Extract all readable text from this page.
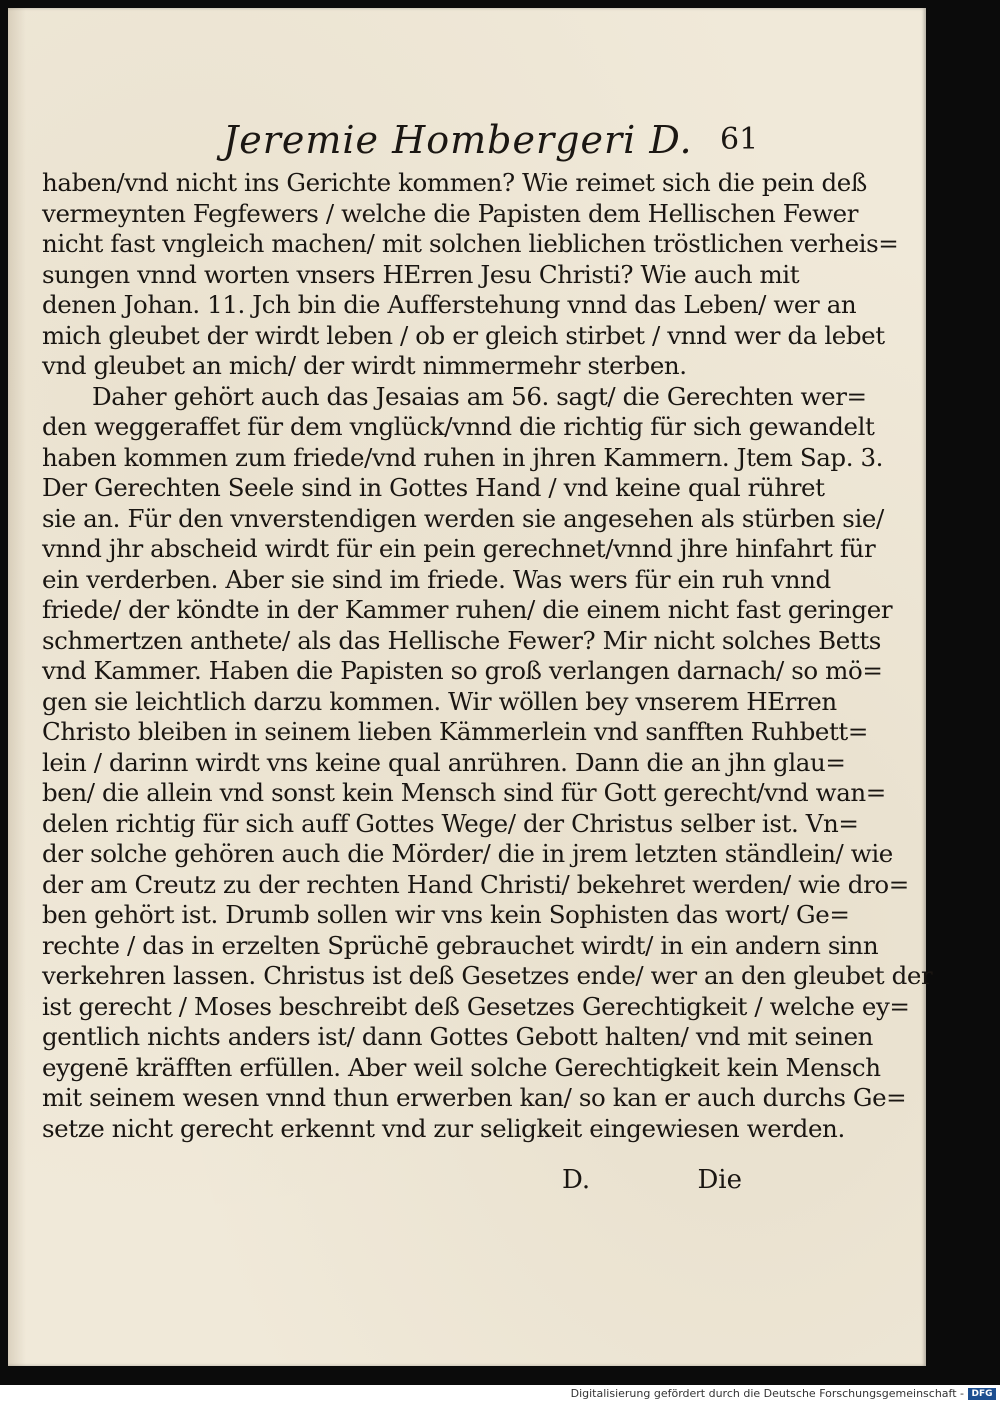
Jeremie Hombergeri D. 61
haben/vnd nicht ins Gerichte kommen? Wie reimet sich die pein deß
vermeynten Fegfewers / welche die Papisten dem Hellischen Fewer
nicht fast vngleich machen/ mit solchen lieblichen tröstlichen verheis=
sungen vnnd worten vnsers HErren Jesu Christi? Wie auch mit
denen Johan. 11. Jch bin die Aufferstehung vnnd das Leben/ wer an
mich gleubet der wirdt leben / ob er gleich stirbet / vnnd wer da lebet
vnd gleubet an mich/ der wirdt nimmermehr sterben.
Daher gehört auch das Jesaias am 56. sagt/ die Gerechten wer=
den weggeraffet für dem vnglück/vnnd die richtig für sich gewandelt
haben kommen zum friede/vnd ruhen in jhren Kammern. Jtem Sap. 3.
Der Gerechten Seele sind in Gottes Hand / vnd keine qual rühret
sie an. Für den vnverstendigen werden sie angesehen als stürben sie/
vnnd jhr abscheid wirdt für ein pein gerechnet/vnnd jhre hinfahrt für
ein verderben. Aber sie sind im friede. Was wers für ein ruh vnnd
friede/ der köndte in der Kammer ruhen/ die einem nicht fast geringer
schmertzen anthete/ als das Hellische Fewer? Mir nicht solches Betts
vnd Kammer. Haben die Papisten so groß verlangen darnach/ so mö=
gen sie leichtlich darzu kommen. Wir wöllen bey vnserem HErren
Christo bleiben in seinem lieben Kämmerlein vnd sanfften Ruhbett=
lein / darinn wirdt vns keine qual anrühren. Dann die an jhn glau=
ben/ die allein vnd sonst kein Mensch sind für Gott gerecht/vnd wan=
delen richtig für sich auff Gottes Wege/ der Christus selber ist. Vn=
der solche gehören auch die Mörder/ die in jrem letzten ständlein/ wie
der am Creutz zu der rechten Hand Christi/ bekehret werden/ wie dro=
ben gehört ist. Drumb sollen wir vns kein Sophisten das wort/ Ge=
rechte / das in erzelten Sprüchē gebrauchet wirdt/ in ein andern sinn
verkehren lassen. Christus ist deß Gesetzes ende/ wer an den gleubet der
ist gerecht / Moses beschreibt deß Gesetzes Gerechtigkeit / welche ey=
gentlich nichts anders ist/ dann Gottes Gebott halten/ vnd mit seinen
eygenē kräfften erfüllen. Aber weil solche Gerechtigkeit kein Mensch
mit seinem wesen vnnd thun erwerben kan/ so kan er auch durchs Ge=
setze nicht gerecht erkennt vnd zur seligkeit eingewiesen werden.
D.	Die
Digitalisierung gefördert durch die Deutsche Forschungsgemeinschaft - DFG
